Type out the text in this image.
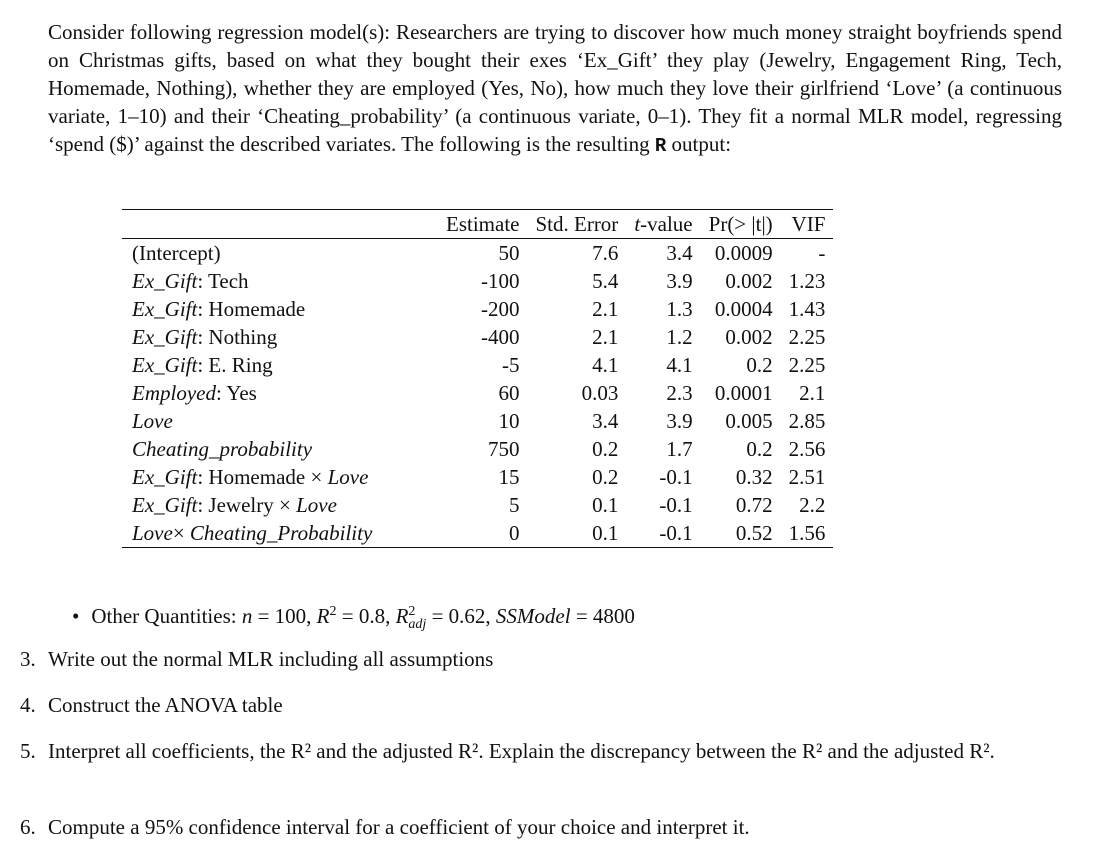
Consider following regression model(s): Researchers are trying to discover how much money straight boyfriends spend on Christmas gifts, based on what they bought their exes ‘Ex_Gift’ they play (Jewelry, Engagement Ring, Tech, Homemade, Nothing), whether they are employed (Yes, No), how much they love their girlfriend ‘Love’ (a continuous variate, 1–10) and their ‘Cheating_probability’ (a continuous variate, 0–1). They fit a normal MLR model, regressing ‘spend ($)’ against the described variates. The following is the resulting R output:
	Estimate	Std. Error	t-value	Pr(> |t|)	VIF
(Intercept)	50	7.6	3.4	0.0009	-
Ex_Gift: Tech	-100	5.4	3.9	0.002	1.23
Ex_Gift: Homemade	-200	2.1	1.3	0.0004	1.43
Ex_Gift: Nothing	-400	2.1	1.2	0.002	2.25
Ex_Gift: E. Ring	-5	4.1	4.1	0.2	2.25
Employed: Yes	60	0.03	2.3	0.0001	2.1
Love	10	3.4	3.9	0.005	2.85
Cheating_probability	750	0.2	1.7	0.2	2.56
Ex_Gift: Homemade × Love	15	0.2	-0.1	0.32	2.51
Ex_Gift: Jewelry × Love	5	0.1	-0.1	0.72	2.2
Love× Cheating_Probability	0	0.1	-0.1	0.52	1.56
• Other Quantities: n = 100, $R^2 = 0.8$, $R^2_{adj} = 0.62$, SSModel = 4800
3. Write out the normal MLR including all assumptions
4. Construct the ANOVA table
5. Interpret all coefficients, the R² and the adjusted R². Explain the discrepancy between the R² and the adjusted R².
6. Compute a 95% confidence interval for a coefficient of your choice and interpret it.
